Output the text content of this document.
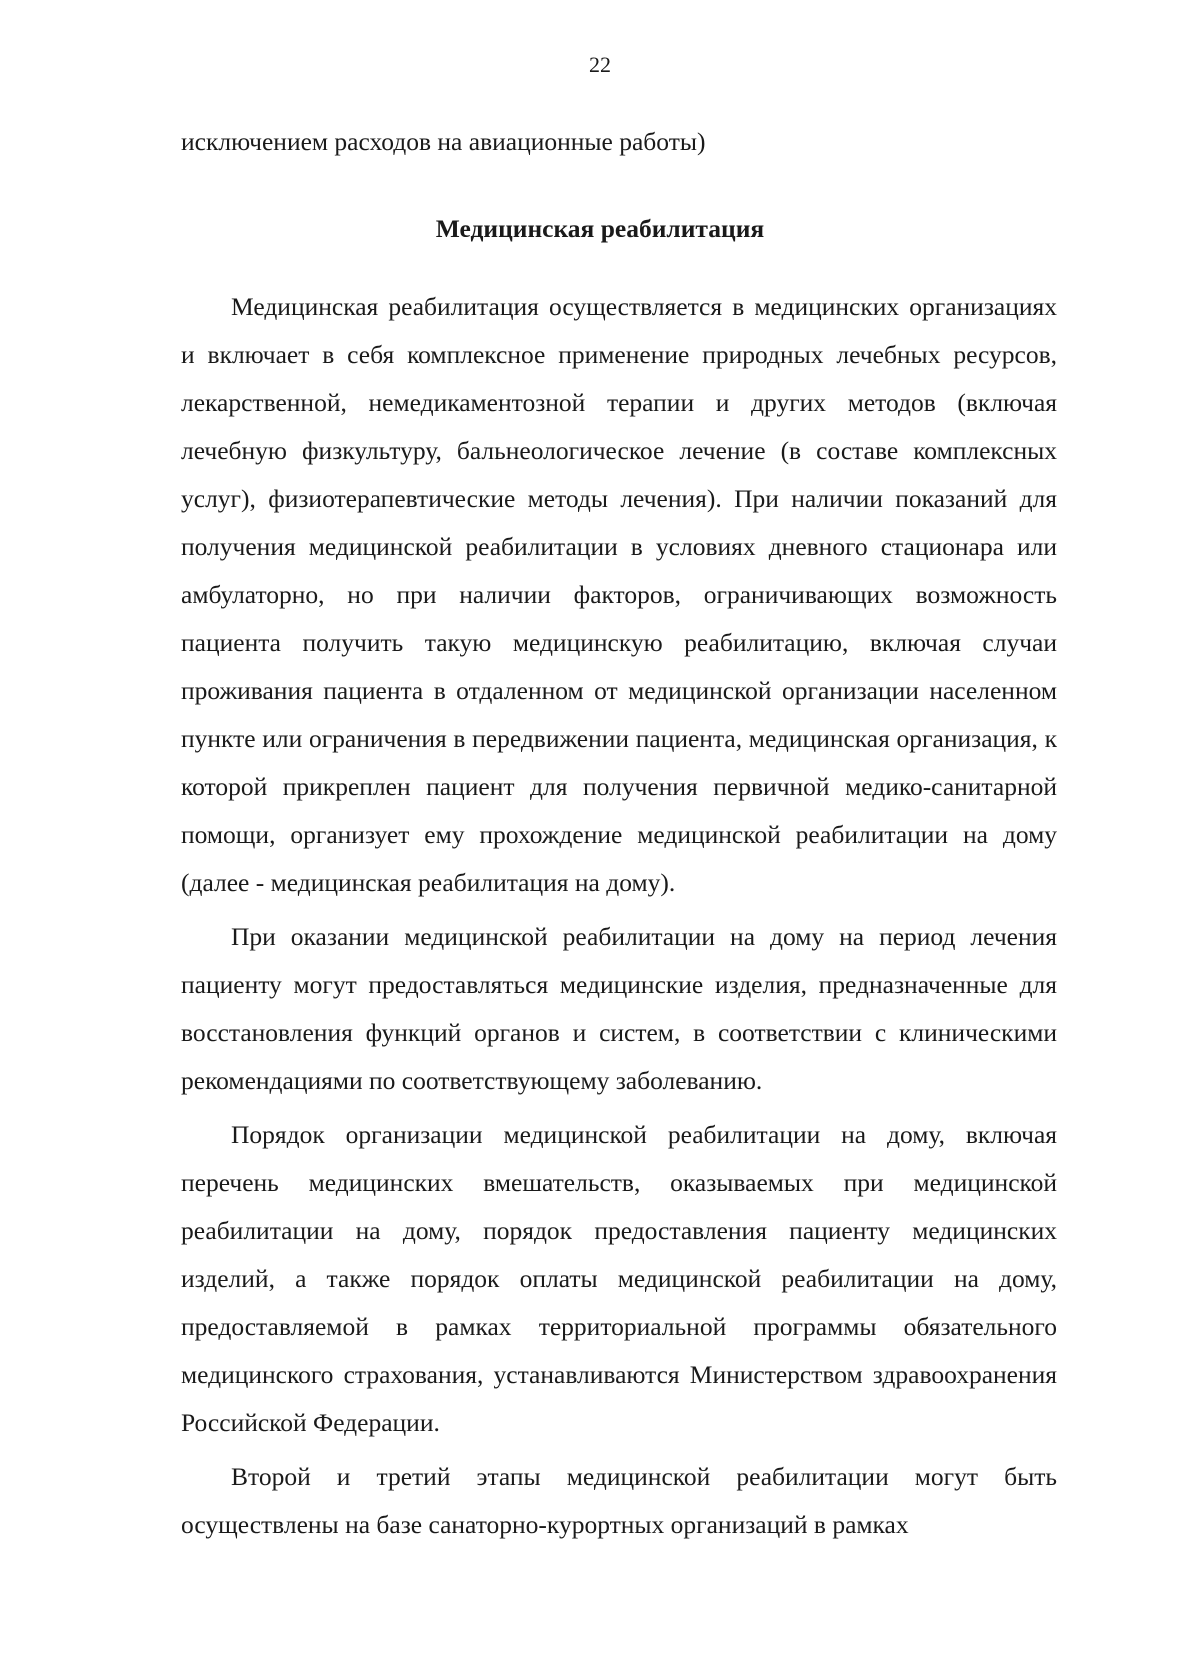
22

исключением расходов на авиационные работы)

Медицинская реабилитация

Медицинская реабилитация осуществляется в медицинских организациях и включает в себя комплексное применение природных лечебных ресурсов, лекарственной, немедикаментозной терапии и других методов (включая лечебную физкультуру, бальнеологическое лечение (в составе комплексных услуг), физиотерапевтические методы лечения). При наличии показаний для получения медицинской реабилитации в условиях дневного стационара или амбулаторно, но при наличии факторов, ограничивающих возможность пациента получить такую медицинскую реабилитацию, включая случаи проживания пациента в отдаленном от медицинской организации населенном пункте или ограничения в передвижении пациента, медицинская организация, к которой прикреплен пациент для получения первичной медико-санитарной помощи, организует ему прохождение медицинской реабилитации на дому (далее - медицинская реабилитация на дому).

При оказании медицинской реабилитации на дому на период лечения пациенту могут предоставляться медицинские изделия, предназначенные для восстановления функций органов и систем, в соответствии с клиническими рекомендациями по соответствующему заболеванию.

Порядок организации медицинской реабилитации на дому, включая перечень медицинских вмешательств, оказываемых при медицинской реабилитации на дому, порядок предоставления пациенту медицинских изделий, а также порядок оплаты медицинской реабилитации на дому, предоставляемой в рамках территориальной программы обязательного медицинского страхования, устанавливаются Министерством здравоохранения Российской Федерации.

Второй и третий этапы медицинской реабилитации могут быть осуществлены на базе санаторно-курортных организаций в рамках
